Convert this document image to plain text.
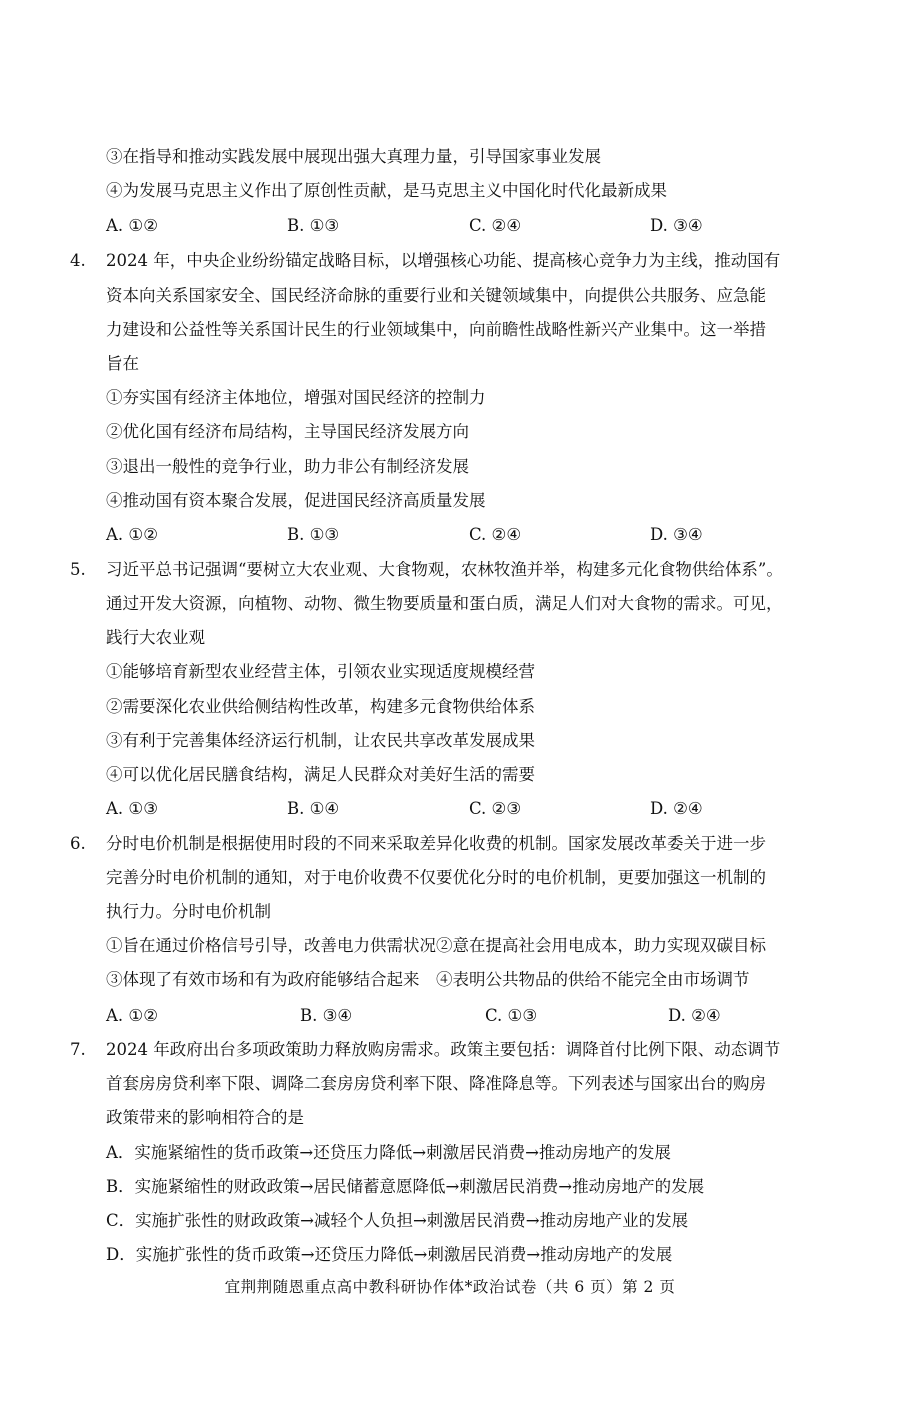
③在指导和推动实践发展中展现出强大真理力量，引导国家事业发展
④为发展马克思主义作出了原创性贡献，是马克思主义中国化时代化最新成果
A. ①②	B. ①③	C. ②④	D. ③④
4. 2024 年，中央企业纷纷锚定战略目标，以增强核心功能、提高核心竞争力为主线，推动国有
资本向关系国家安全、国民经济命脉的重要行业和关键领域集中，向提供公共服务、应急能
力建设和公益性等关系国计民生的行业领域集中，向前瞻性战略性新兴产业集中。这一举措
旨在
①夯实国有经济主体地位，增强对国民经济的控制力
②优化国有经济布局结构，主导国民经济发展方向
③退出一般性的竞争行业，助力非公有制经济发展
④推动国有资本聚合发展，促进国民经济高质量发展
A. ①②	B. ①③	C. ②④	D. ③④
5. 习近平总书记强调“要树立大农业观、大食物观，农林牧渔并举，构建多元化食物供给体系”。
通过开发大资源，向植物、动物、微生物要质量和蛋白质，满足人们对大食物的需求。可见，
践行大农业观
①能够培育新型农业经营主体，引领农业实现适度规模经营
②需要深化农业供给侧结构性改革，构建多元食物供给体系
③有利于完善集体经济运行机制，让农民共享改革发展成果
④可以优化居民膳食结构，满足人民群众对美好生活的需要
A. ①③	B. ①④	C. ②③	D. ②④
6. 分时电价机制是根据使用时段的不同来采取差异化收费的机制。国家发展改革委关于进一步
完善分时电价机制的通知，对于电价收费不仅要优化分时的电价机制，更要加强这一机制的
执行力。分时电价机制
①旨在通过价格信号引导，改善电力供需状况②意在提高社会用电成本，助力实现双碳目标
③体现了有效市场和有为政府能够结合起来　④表明公共物品的供给不能完全由市场调节
A. ①②	B. ③④	C. ①③	D. ②④
7. 2024 年政府出台多项政策助力释放购房需求。政策主要包括：调降首付比例下限、动态调节
首套房房贷利率下限、调降二套房房贷利率下限、降准降息等。下列表述与国家出台的购房
政策带来的影响相符合的是
A．实施紧缩性的货币政策→还贷压力降低→刺激居民消费→推动房地产的发展
B．实施紧缩性的财政政策→居民储蓄意愿降低→刺激居民消费→推动房地产的发展
C．实施扩张性的财政政策→减轻个人负担→刺激居民消费→推动房地产业的发展
D．实施扩张性的货币政策→还贷压力降低→刺激居民消费→推动房地产的发展
宜荆荆随恩重点高中教科研协作体*政治试卷（共 6 页）第 2 页
